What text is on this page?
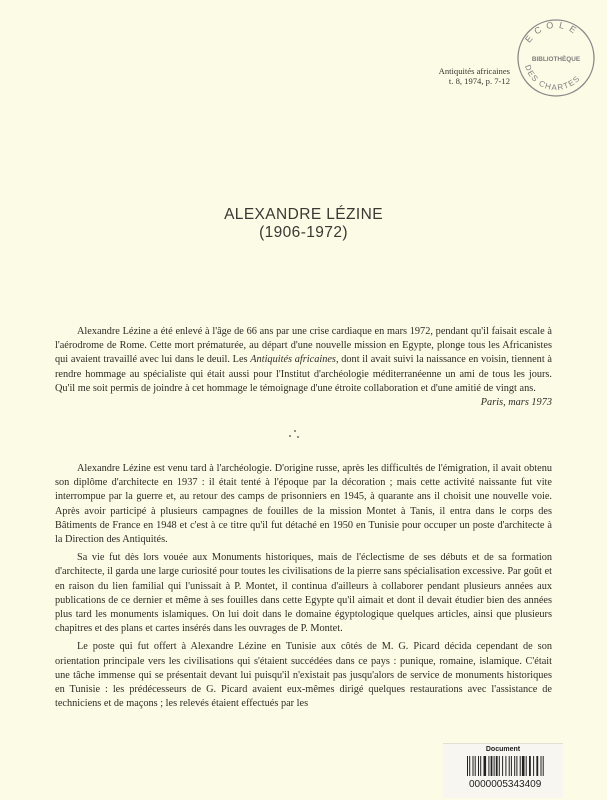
Antiquités africaines
t. 8, 1974, p. 7-12
ECOLE
BIBLIOTHÈQUE
DES CHARTES
ALEXANDRE LÉZINE
(1906-1972)

Alexandre Lézine a été enlevé à l'âge de 66 ans par une crise cardiaque en mars 1972, pendant qu'il faisait escale à l'aérodrome de Rome. Cette mort prématurée, au départ d'une nouvelle mission en Egypte, plonge tous les Africanistes qui avaient travaillé avec lui dans le deuil. Les Antiquités africaines, dont il avait suivi la naissance en voisin, tiennent à rendre hommage au spécialiste qui était aussi pour l'Institut d'archéologie méditerranéenne un ami de tous les jours. Qu'il me soit permis de joindre à cet hommage le témoignage d'une étroite collaboration et d'une amitié de vingt ans.
Paris, mars 1973

Alexandre Lézine est venu tard à l'archéologie. D'origine russe, après les difficultés de l'émigration, il avait obtenu son diplôme d'architecte en 1937 : il était tenté à l'époque par la décoration ; mais cette activité naissante fut vite interrompue par la guerre et, au retour des camps de prisonniers en 1945, à quarante ans il choisit une nouvelle voie. Après avoir participé à plusieurs campagnes de fouilles de la mission Montet à Tanis, il entra dans le corps des Bâtiments de France en 1948 et c'est à ce titre qu'il fut détaché en 1950 en Tunisie pour occuper un poste d'architecte à la Direction des Antiquités.

Sa vie fut dès lors vouée aux Monuments historiques, mais de l'éclectisme de ses débuts et de sa formation d'architecte, il garda une large curiosité pour toutes les civilisations de la pierre sans spécialisation excessive. Par goût et en raison du lien familial qui l'unissait à P. Montet, il continua d'ailleurs à collaborer pendant plusieurs années aux publications de ce dernier et même à ses fouilles dans cette Egypte qu'il aimait et dont il devait étudier bien des années plus tard les monuments islamiques. On lui doit dans le domaine égyptologique quelques articles, ainsi que plusieurs chapitres et des plans et cartes insérés dans les ouvrages de P. Montet.

Le poste qui fut offert à Alexandre Lézine en Tunisie aux côtés de M. G. Picard décida cependant de son orientation principale vers les civilisations qui s'étaient succédées dans ce pays : punique, romaine, islamique. C'était une tâche immense qui se présentait devant lui puisqu'il n'existait pas jusqu'alors de service de monuments historiques en Tunisie : les prédécesseurs de G. Picard avaient eux-mêmes dirigé quelques restaurations avec l'assistance de techniciens et de maçons ; les relevés étaient effectués par les

Document
0000005343409
